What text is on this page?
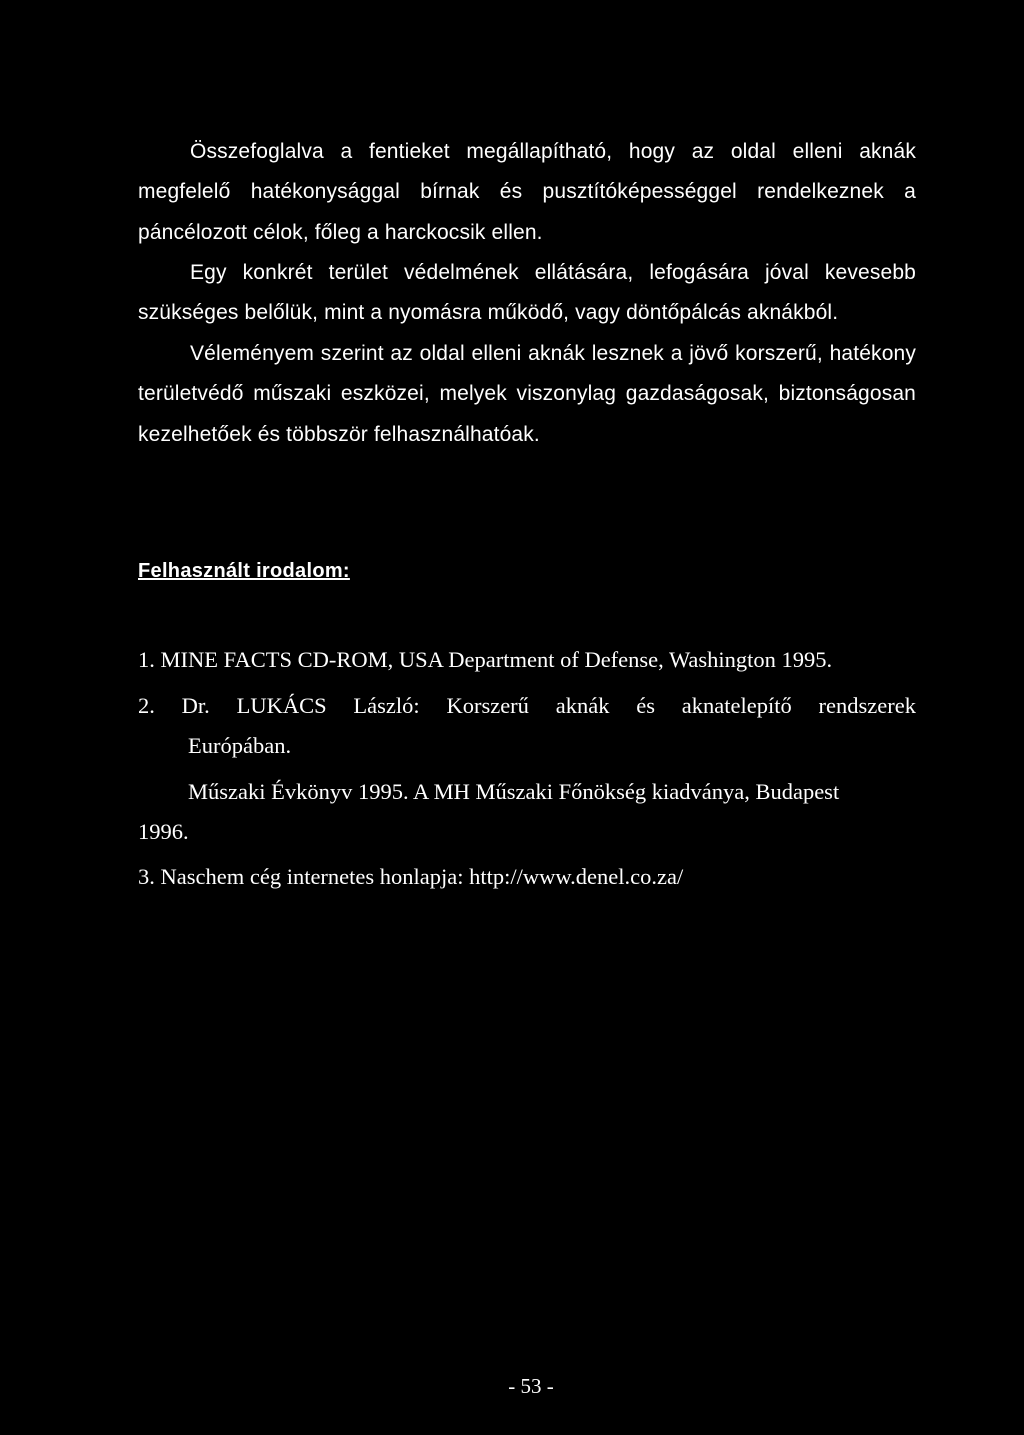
Összefoglalva a fentieket megállapítható, hogy az oldal elleni aknák megfelelő hatékonysággal bírnak és pusztítóképességgel rendelkeznek a páncélozott célok, főleg a harckocsik ellen.

Egy konkrét terület védelmének ellátására, lefogására jóval kevesebb szükséges belőlük, mint a nyomásra működő, vagy döntőpálcás aknákból.

Véleményem szerint az oldal elleni aknák lesznek a jövő korszerű, hatékony területvédő műszaki eszközei, melyek viszonylag gazdaságosak, biztonságosan kezelhetőek és többször felhasználhatóak.

Felhasznált irodalom:

1. MINE FACTS CD-ROM, USA Department of Defense, Washington 1995.

2. Dr. LUKÁCS László: Korszerű aknák és aknatelepítő rendszerek

Európában.

Műszaki Évkönyv 1995. A MH Műszaki Főnökség kiadványa, Budapest

1996.

3. Naschem cég internetes honlapja: http://www.denel.co.za/

- 53 -
